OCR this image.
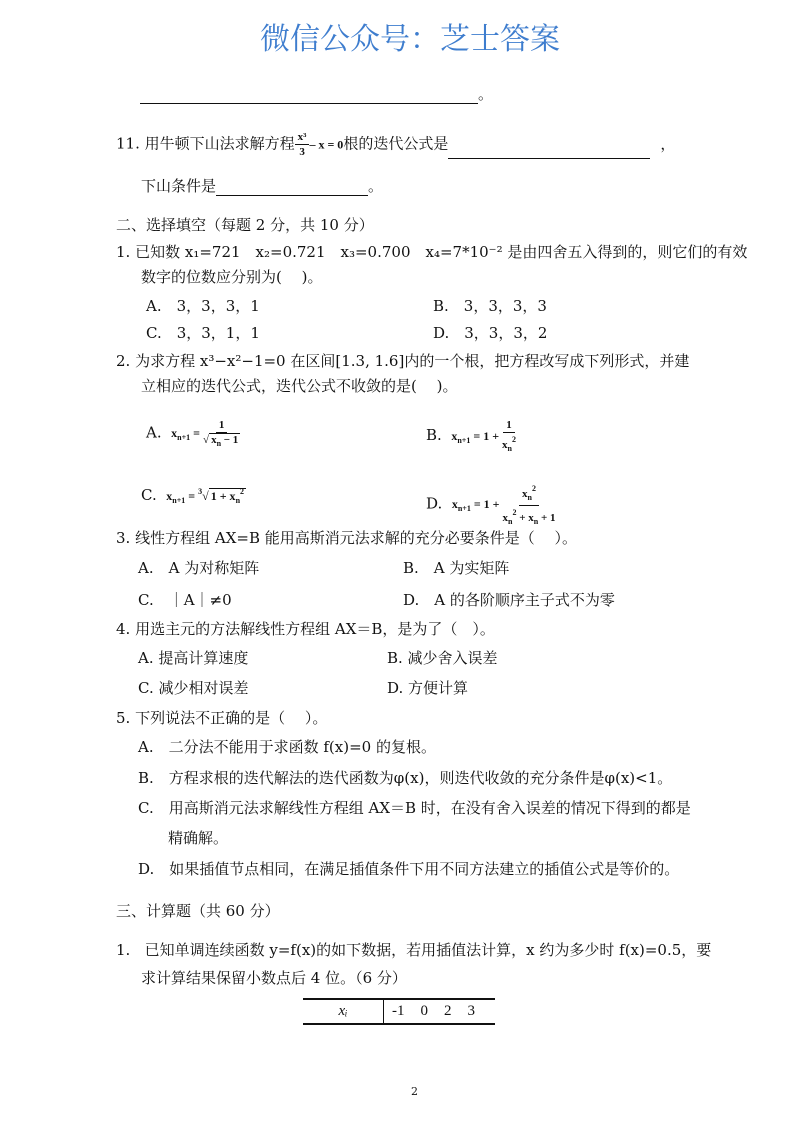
微信公众号：芝士答案
。
11. 用牛顿下山法求解方程 $\frac{\text{x³}}{3} - x = 0$根的迭代公式是	，
下山条件是	。
二、选择填空（每题 2 分，共 10 分）
1. 已知数 x₁=721　x₂=0.721　x₃=0.700　x₄=7*10⁻² 是由四舍五入得到的，则它们的有效
数字的位数应分别为(　 )。
A.　3，3，3，1	B.　3，3，3，3
C.　3，3，1，1	D.　3，3，3，2
2. 为求方程 x³−x²−1=0 在区间[1.3, 1.6]内的一个根，把方程改写成下列形式，并建
立相应的迭代公式，迭代公式不收敛的是(　 )。
A. $x_{n+1} = \frac{1}{√ x_n - 1}$	B. $x_{n+1} = 1 + \frac{1}{x_n^2}$
C. $x_{n+1} = ^3√$ $1 + x_n^2$
D. $x_{n+1} = 1 + \frac{x_n^2}{x_n^2 + x_n + 1}$
3. 线性方程组 AX=B 能用高斯消元法求解的充分必要条件是（　 ）。
A.　A 为对称矩阵	B.　A 为实矩阵
C.　｜A｜≠0	D.　A 的各阶顺序主子式不为零
4. 用选主元的方法解线性方程组 AX＝B，是为了（　）。
A. 提高计算速度	B. 减少舍入误差
C. 减少相对误差	D. 方便计算
5. 下列说法不正确的是（　 ）。
A.　二分法不能用于求函数 f(x)=0 的复根。
B.　方程求根的迭代解法的迭代函数为φ(x)，则迭代收敛的充分条件是φ(x)<1。
C.　用高斯消元法求解线性方程组 AX＝B 时，在没有舍入误差的情况下得到的都是
精确解。
D.　如果插值节点相同，在满足插值条件下用不同方法建立的插值公式是等价的。
三、计算题（共 60 分）
1. 已知单调连续函数 y=f(x)的如下数据，若用插值法计算，x 约为多少时 f(x)=0.5，要
求计算结果保留小数点后 4 位。（6 分）
xᵢ	-1	0	2	3
2
